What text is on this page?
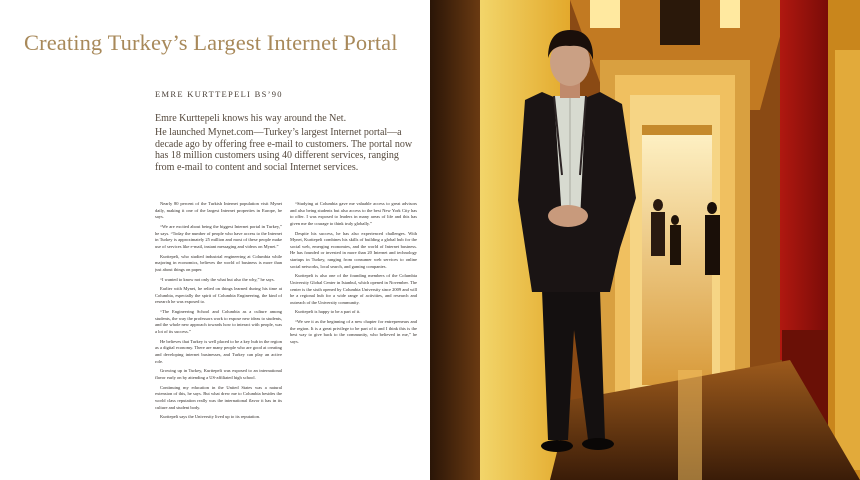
Creating Turkey’s Largest Internet Portal
EMRE KURTTEPELI BS’90
Emre Kurttepeli knows his way around the Net.
He launched Mynet.com—Turkey’s largest Internet portal—a decade ago by offering free e-mail to customers. The portal now has 18 million customers using 40 different services, ranging from e-mail to content and social Internet services.

Nearly 80 percent of the Turkish Internet population visit Mynet daily, making it one of the largest Internet properties in Europe, he says.

“We are excited about being the biggest Internet portal in Turkey,” he says. “Today the number of people who have access to the Internet in Turkey is approximately 25 million and most of these people make use of services like e-mail, instant messaging and videos on Mynet.”

Kurttepeli, who studied industrial engineering at Columbia while majoring in economics, believes the world of business is more than just about things on paper.

“I wanted to know not only the what but also the why,” he says.

Earlier with Mynet, he relied on things learned during his time at Columbia, especially the spirit of Columbia Engineering, the kind of research he was exposed to.

“The Engineering School and Columbia as a culture among students, the way the professors work to expose new ideas to students, and the whole new approach towards how to interact with people, was a lot of its success.”

He believes that Turkey is well placed to be a key hub in the region as a digital economy. There are many people who are good at creating and developing internet businesses, and Turkey can play an active role.

Growing up in Turkey, Kurttepeli was exposed to an international flavor early on by attending a US-affiliated high school.

Continuing my education in the United States was a natural extension of this, he says. But what drew me to Columbia besides the world class reputation really was the international flavor it has in its culture and student body.

Kurttepeli says the University lived up to its reputation.

“Studying at Columbia gave me valuable access to great advisors and also being students but also access to the best New York City has to offer. I was exposed to leaders in many areas of life and this has given me the courage to think truly globally.”

Despite his success, he has also experienced challenges. With Mynet, Kurttepeli combines his skills of building a global hub for the social web, emerging economies, and the world of Internet business. He has founded or invested in more than 20 Internet and technology startups in Turkey, ranging from consumer web services to online social networks, local search, and gaming companies.

Kurttepeli is also one of the founding members of the Columbia University Global Center in Istanbul, which opened in November. The center is the sixth opened by Columbia University since 2009 and will be a regional hub for a wide range of activities, and research and outreach of the University community.

Kurttepeli is happy to be a part of it.

“We see it as the beginning of a new chapter for entrepreneurs and the region. It is a great privilege to be part of it and I think this is the best way to give back to the community, who believed in me,” he says.
